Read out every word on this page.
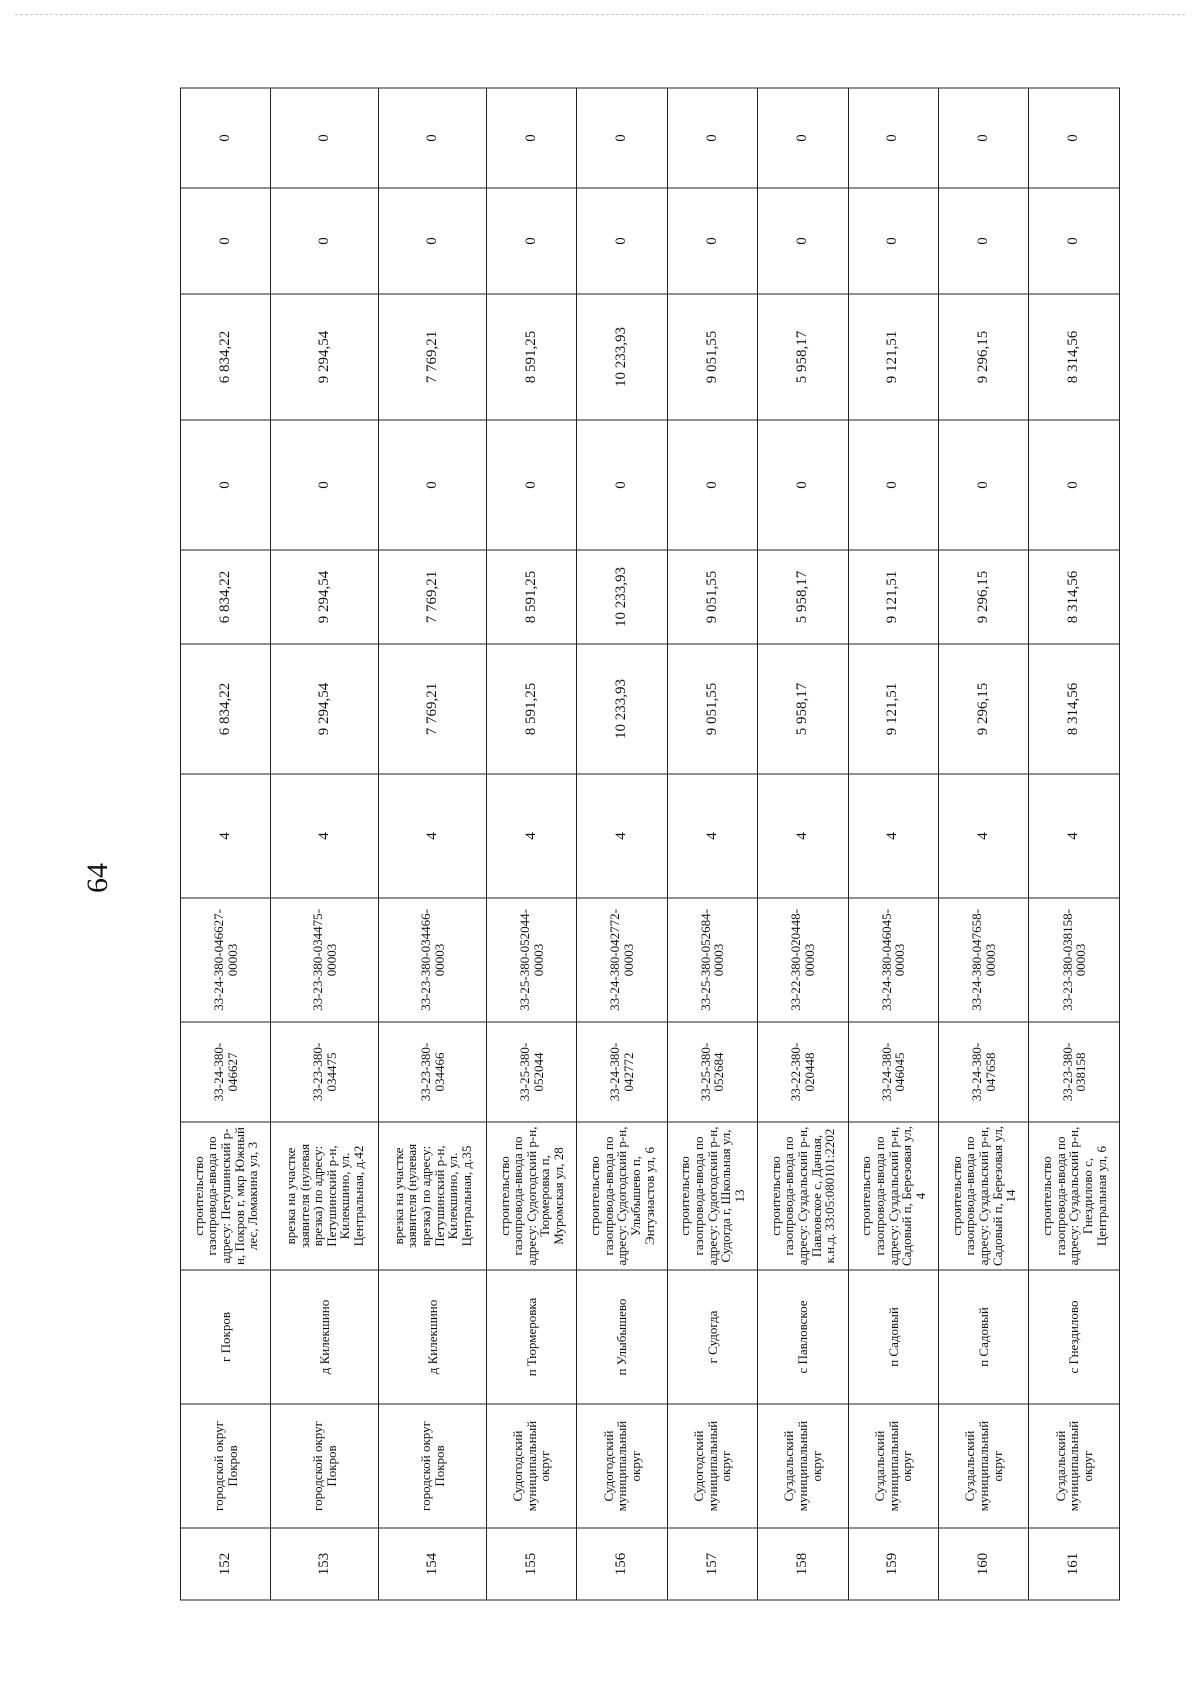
64
152	городской округ Покров	г Покров	строительство газопровода-ввода по адресу: Петушинский р-н, Покров г, мкр Южный лес, Ломакина ул, 3	33-24-380-046627	33-24-380-046627-00003	4	6 834,22	6 834,22	0	6 834,22	0	0
153	городской округ Покров	д Килекшино	врезка на участке заявителя (нулевая врезка) по адресу: Петушинский р-н, Килекшино, ул. Центральная, д.42	33-23-380-034475	33-23-380-034475-00003	4	9 294,54	9 294,54	0	9 294,54	0	0
154	городской округ Покров	д Килекшино	врезка на участке заявителя (нулевая врезка) по адресу: Петушинский р-н, Килекшино, ул. Центральная, д.35	33-23-380-034466	33-23-380-034466-00003	4	7 769,21	7 769,21	0	7 769,21	0	0
155	Судогодский муниципальный округ	п Тюрмеровка	строительство газопровода-ввода по адресу: Судогодский р-н, Тюрмеровка п, Муромская ул, 28	33-25-380-052044	33-25-380-052044-00003	4	8 591,25	8 591,25	0	8 591,25	0	0
156	Судогодский муниципальный округ	п Улыбышево	строительство газопровода-ввода по адресу: Судогодский р-н, Улыбышево п, Энтузиастов ул, 6	33-24-380-042772	33-24-380-042772-00003	4	10 233,93	10 233,93	0	10 233,93	0	0
157	Судогодский муниципальный округ	г Судогда	строительство газопровода-ввода по адресу: Судогодский р-н, Судогда г, Школьная ул, 13	33-25-380-052684	33-25-380-052684-00003	4	9 051,55	9 051,55	0	9 051,55	0	0
158	Суздальский муниципальный округ	с Павловское	строительство газопровода-ввода по адресу: Суздальский р-н, Павловское с, Дачная, к.н.д. 33:05:080101:2202	33-22-380-020448	33-22-380-020448-00003	4	5 958,17	5 958,17	0	5 958,17	0	0
159	Суздальский муниципальный округ	п Садовый	строительство газопровода-ввода по адресу: Суздальский р-н, Садовый п, Березовая ул, 4	33-24-380-046045	33-24-380-046045-00003	4	9 121,51	9 121,51	0	9 121,51	0	0
160	Суздальский муниципальный округ	п Садовый	строительство газопровода-ввода по адресу: Суздальский р-н, Садовый п, Березовая ул, 14	33-24-380-047658	33-24-380-047658-00003	4	9 296,15	9 296,15	0	9 296,15	0	0
161	Суздальский муниципальный округ	с Гнездилово	строительство газопровода-ввода по адресу: Суздальский р-н, Гнездилово с, Центральная ул, 6	33-23-380-038158	33-23-380-038158-00003	4	8 314,56	8 314,56	0	8 314,56	0	0
